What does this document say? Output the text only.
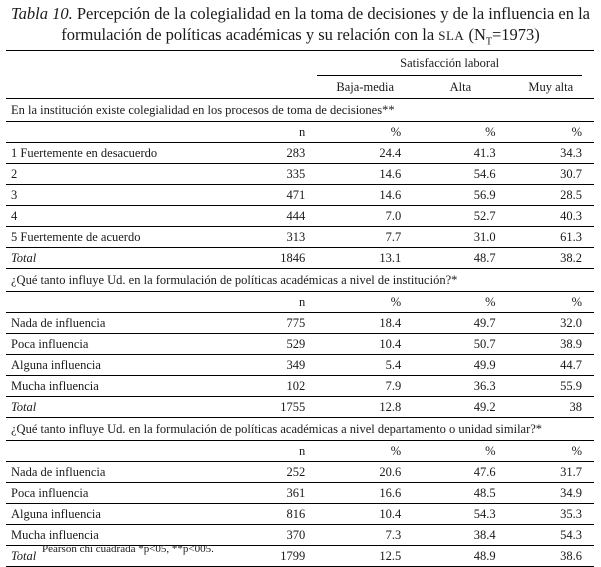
Tabla 10. Percepción de la colegialidad en la toma de decisiones y de la influencia en la
formulación de políticas académicas y su relación con la SLA $(N_T=1973)$
		Satisfacción laboral		
		Baja-media	Alta	Muy alta
En la institución existe colegialidad en los procesos de toma de decisiones**				
	n	%	%	%
1 Fuertemente en desacuerdo	283	24.4	41.3	34.3
2	335	14.6	54.6	30.7
3	471	14.6	56.9	28.5
4	444	7.0	52.7	40.3
5 Fuertemente de acuerdo	313	7.7	31.0	61.3
Total	1846	13.1	48.7	38.2
¿Qué tanto influye Ud. en la formulación de políticas académicas a nivel de institución?*				
	n	%	%	%
Nada de influencia	775	18.4	49.7	32.0
Poca influencia	529	10.4	50.7	38.9
Alguna influencia	349	5.4	49.9	44.7
Mucha influencia	102	7.9	36.3	55.9
Total	1755	12.8	49.2	38
¿Qué tanto influye Ud. en la formulación de políticas académicas a nivel departamento o unidad similar?*				
	n	%	%	%
Nada de influencia	252	20.6	47.6	31.7
Poca influencia	361	16.6	48.5	34.9
Alguna influencia	816	10.4	54.3	35.3
Mucha influencia	370	7.3	38.4	54.3
Total	1799	12.5	48.9	38.6
Pearson chi cuadrada *p<05, **p<005.
